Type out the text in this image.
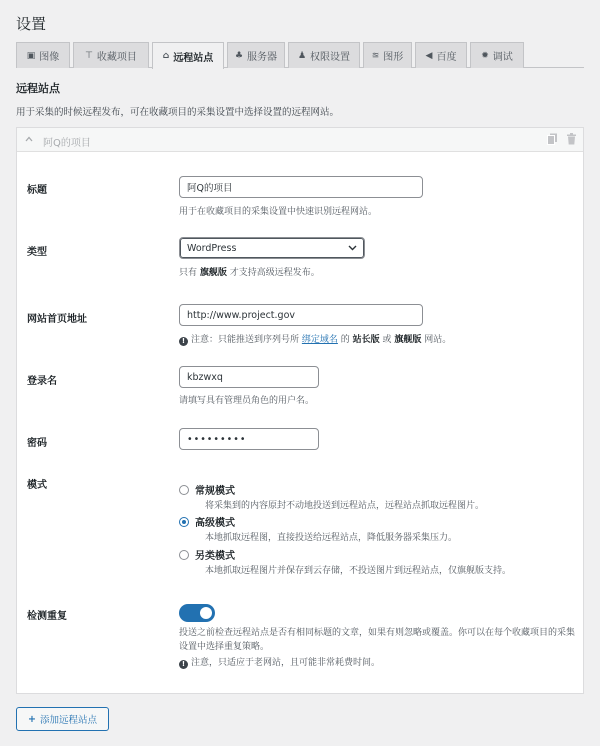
设置
▣ 图像	⊤ 收藏项目	⌂ 远程站点 ♣ 服务器 ♟ 权限设置 ≊ 图形 ◀ 百度	✹ 调试
远程站点
用于采集的时候远程发布，可在收藏项目的采集设置中选择设置的远程网站。
阿Q的项目
标题
阿Q的项目
用于在收藏项目的采集设置中快速识别远程网站。
类型	WordPress
只有 旗舰版 才支持高级远程发布。
网站首页地址
http://www.project.gov
! 注意：只能推送到序列号所 绑定域名 的 站长版 或 旗舰版 网站。
登录名
kbzwxq
请填写具有管理员角色的用户名。
密码
•••••••••
模式
常规模式
将采集到的内容原封不动地投送到远程站点，远程站点抓取远程图片。
高级模式
本地抓取远程图，直接投送给远程站点，降低服务器采集压力。
另类模式
本地抓取远程图片并保存到云存储，不投送图片到远程站点，仅旗舰版支持。
检测重复
投送之前检查远程站点是否有相同标题的文章，如果有则忽略或覆盖。你可以在每个收藏项目的采集设置中选择重复策略。
! 注意，只适应于老网站，且可能非常耗费时间。
+ 添加远程站点
